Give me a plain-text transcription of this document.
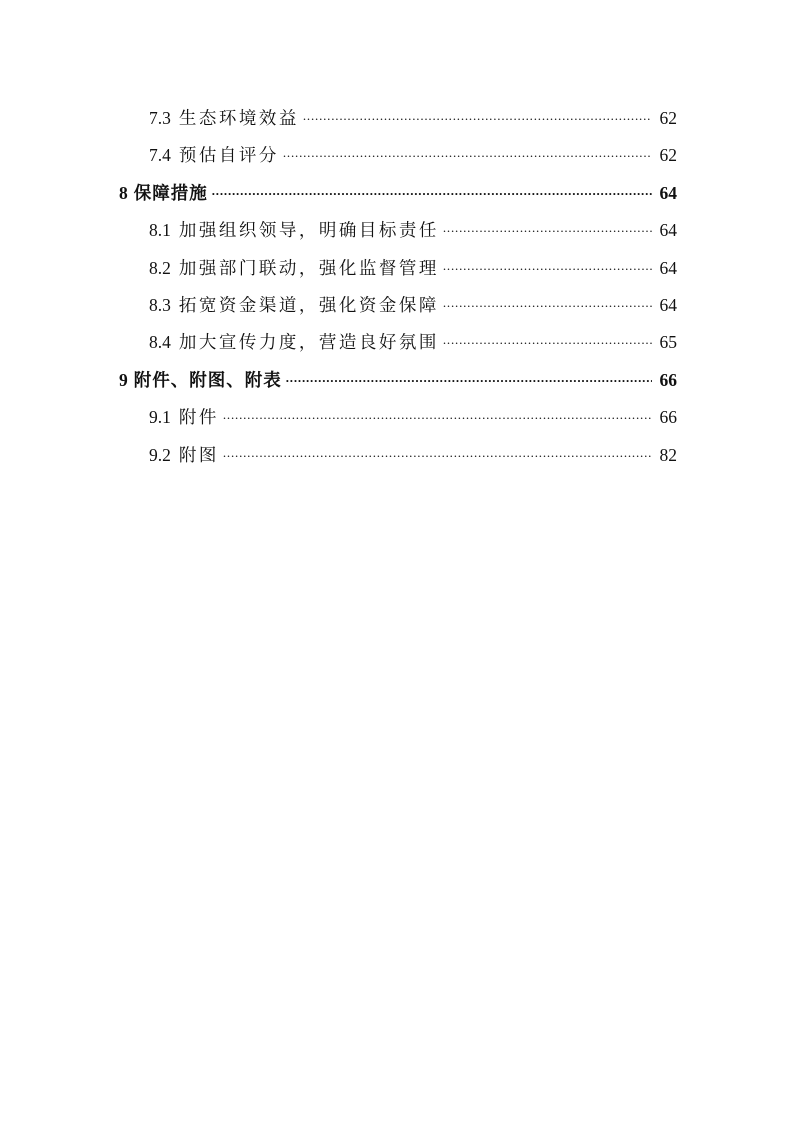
7.3 生态环境效益 .....	62
7.4 预估自评分 .....	62
8 保障措施 .....	64
8.1 加强组织领导，明确目标责任 .....	64
8.2 加强部门联动，强化监督管理 .....	64
8.3 拓宽资金渠道，强化资金保障 .....	64
8.4 加大宣传力度，营造良好氛围 .....	65
9 附件、附图、附表 .....	66
9.1 附件 .....	66
9.2 附图 .....	82
